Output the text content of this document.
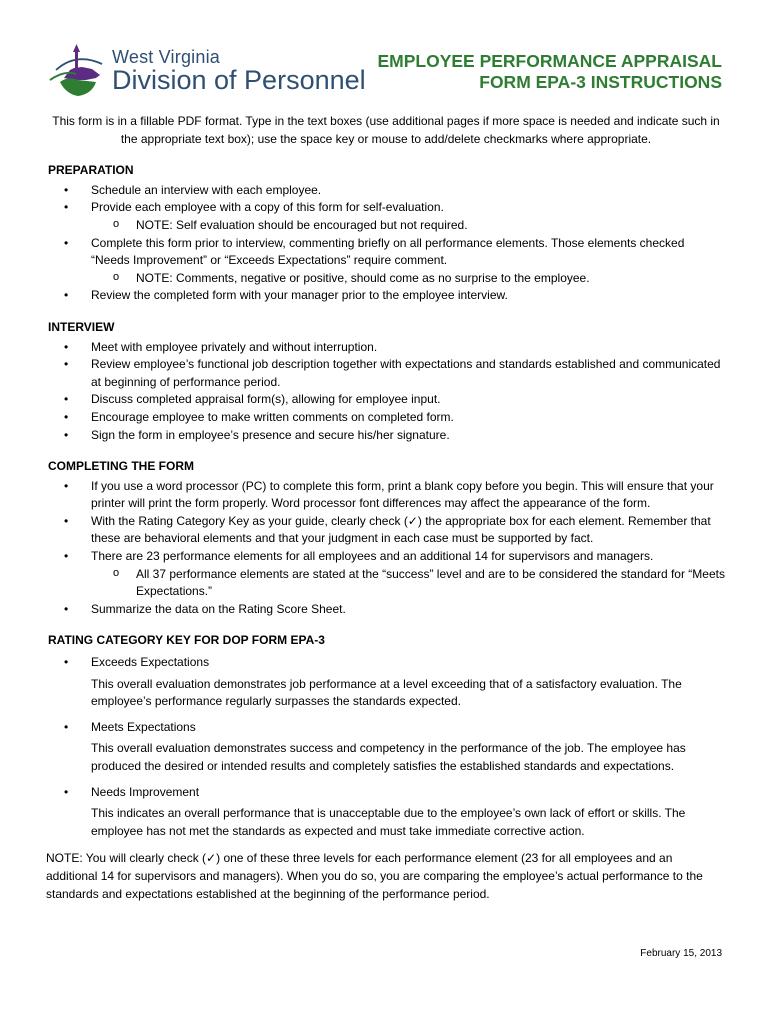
West Virginia
Division of Personnel
EMPLOYEE PERFORMANCE APPRAISAL
FORM EPA-3 INSTRUCTIONS

This form is in a fillable PDF format. Type in the text boxes (use additional pages if more space is needed and indicate such in the appropriate text box); use the space key or mouse to add/delete checkmarks where appropriate.

PREPARATION

• Schedule an interview with each employee.
• Provide each employee with a copy of this form for self-evaluation.
o NOTE: Self evaluation should be encouraged but not required.
• Complete this form prior to interview, commenting briefly on all performance elements. Those elements checked “Needs Improvement” or “Exceeds Expectations” require comment.
o NOTE: Comments, negative or positive, should come as no surprise to the employee.
• Review the completed form with your manager prior to the employee interview.

INTERVIEW

• Meet with employee privately and without interruption.
• Review employee’s functional job description together with expectations and standards established and communicated at beginning of performance period.
• Discuss completed appraisal form(s), allowing for employee input.
• Encourage employee to make written comments on completed form.
• Sign the form in employee’s presence and secure his/her signature.

COMPLETING THE FORM

• If you use a word processor (PC) to complete this form, print a blank copy before you begin. This will ensure that your printer will print the form properly. Word processor font differences may affect the appearance of the form.
• With the Rating Category Key as your guide, clearly check (✓) the appropriate box for each element. Remember that these are behavioral elements and that your judgment in each case must be supported by fact.
• There are 23 performance elements for all employees and an additional 14 for supervisors and managers.
o All 37 performance elements are stated at the “success” level and are to be considered the standard for “Meets Expectations.”
• Summarize the data on the Rating Score Sheet.

RATING CATEGORY KEY FOR DOP FORM EPA-3

• Exceeds Expectations
This overall evaluation demonstrates job performance at a level exceeding that of a satisfactory evaluation. The employee’s performance regularly surpasses the standards expected.
• Meets Expectations
This overall evaluation demonstrates success and competency in the performance of the job. The employee has produced the desired or intended results and completely satisfies the established standards and expectations.
• Needs Improvement
This indicates an overall performance that is unacceptable due to the employee’s own lack of effort or skills. The employee has not met the standards as expected and must take immediate corrective action.

NOTE: You will clearly check (✓) one of these three levels for each performance element (23 for all employees and an additional 14 for supervisors and managers). When you do so, you are comparing the employee’s actual performance to the standards and expectations established at the beginning of the performance period.

February 15, 2013
